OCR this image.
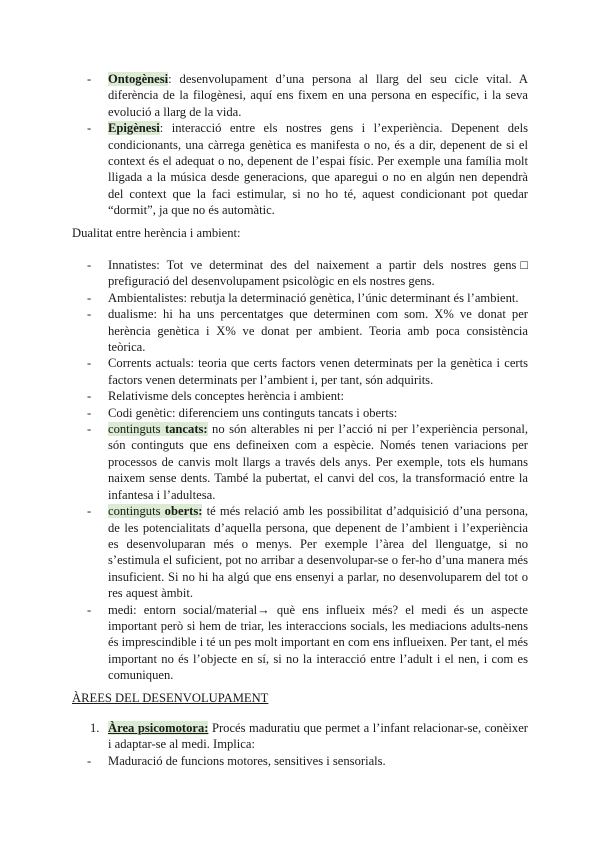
- Ontogènesi: desenvolupament d’una persona al llarg del seu cicle vital. A diferència de la filogènesi, aquí ens fixem en una persona en específic, i la seva evolució a llarg de la vida.
- Epigènesi: interacció entre els nostres gens i l’experiència. Depenent dels condicionants, una càrrega genètica es manifesta o no, és a dir, depenent de si el context és el adequat o no, depenent de l’espai físic. Per exemple una família molt lligada a la música desde generacions, que aparegui o no en algún nen dependrà del context que la faci estimular, si no ho té, aquest condicionant pot quedar “dormit”, ja que no és automàtic.
Dualitat entre herència i ambient:
- Innatistes: Tot ve determinat des del naixement a partir dels nostres gens□ prefiguració del desenvolupament psicològic en els nostres gens.
- Ambientalistes: rebutja la determinació genètica, l’únic determinant és l’ambient.
- dualisme: hi ha uns percentatges que determinen com som. X% ve donat per herència genètica i X% ve donat per ambient. Teoria amb poca consistència teòrica.
- Corrents actuals: teoria que certs factors venen determinats per la genètica i certs factors venen determinats per l’ambient i, per tant, són adquirits.
- Relativisme dels conceptes herència i ambient:
- Codi genètic: diferenciem uns continguts tancats i oberts:
- continguts tancats: no són alterables ni per l’acció ni per l’experiència personal, són continguts que ens defineixen com a espècie. Només tenen variacions per processos de canvis molt llargs a través dels anys. Per exemple, tots els humans naixem sense dents. També la pubertat, el canvi del cos, la transformació entre la infantesa i l’adultesa.
- continguts oberts: té més relació amb les possibilitat d’adquisició d’una persona, de les potencialitats d’aquella persona, que depenent de l’ambient i l’experiència es desenvoluparan més o menys. Per exemple l’àrea del llenguatge, si no s’estimula el suficient, pot no arribar a desenvolupar-se o fer-ho d’una manera més insuficient. Si no hi ha algú que ens ensenyi a parlar, no desenvoluparem del tot o res aquest àmbit.
- medi: entorn social/material→ què ens influeix més? el medi és un aspecte important però si hem de triar, les interaccions socials, les mediacions adults-nens és imprescindible i té un pes molt important en com ens influeixen. Per tant, el més important no és l’objecte en sí, si no la interacció entre l’adult i el nen, i com es comuniquen.
ÀREES DEL DESENVOLUPAMENT
1. Àrea psicomotora: Procés maduratiu que permet a l’infant relacionar-se, conèixer i adaptar-se al medi. Implica:
- Maduració de funcions motores, sensitives i sensorials.
